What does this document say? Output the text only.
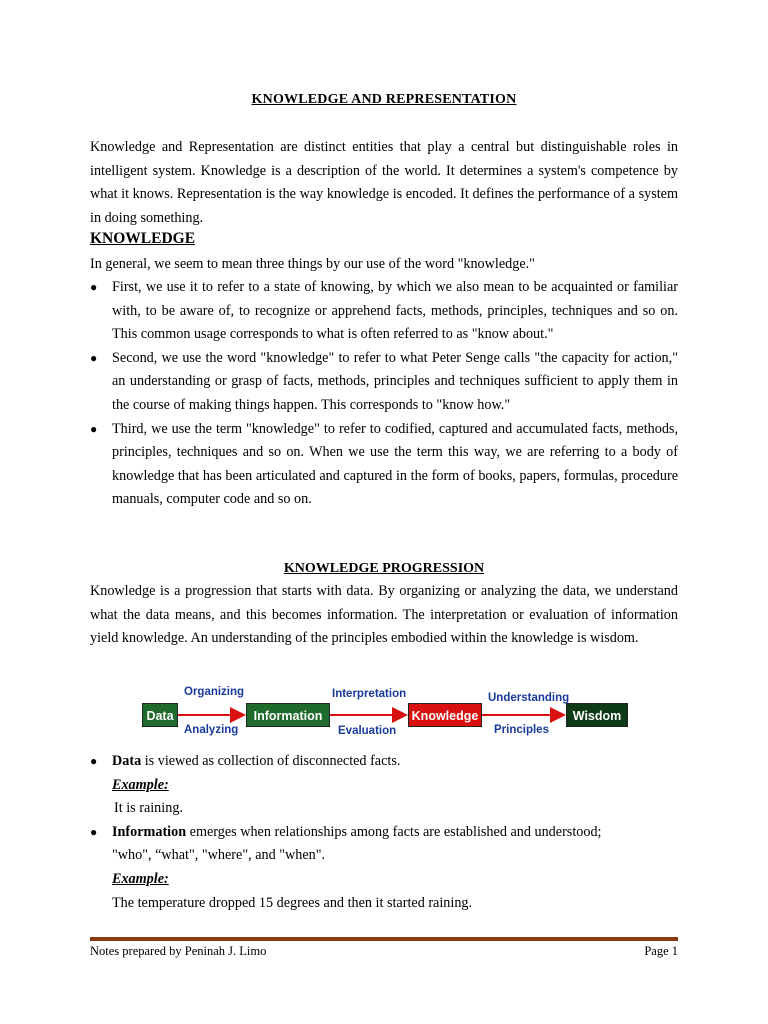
KNOWLEDGE AND REPRESENTATION
Knowledge and Representation are distinct entities that play a central but distinguishable roles in intelligent system. Knowledge is a description of the world. It determines a system's competence by what it knows. Representation is the way knowledge is encoded. It defines the performance of a system in doing something.
KNOWLEDGE
In general, we seem to mean three things by our use of the word "knowledge."
● First, we use it to refer to a state of knowing, by which we also mean to be acquainted or familiar with, to be aware of, to recognize or apprehend facts, methods, principles, techniques and so on. This common usage corresponds to what is often referred to as "know about."
● Second, we use the word "knowledge" to refer to what Peter Senge calls "the capacity for action," an understanding or grasp of facts, methods, principles and techniques sufficient to apply them in the course of making things happen. This corresponds to "know how."
● Third, we use the term "knowledge" to refer to codified, captured and accumulated facts, methods, principles, techniques and so on. When we use the term this way, we are referring to a body of knowledge that has been articulated and captured in the form of books, papers, formulas, procedure manuals, computer code and so on.
KNOWLEDGE PROGRESSION
Knowledge is a progression that starts with data. By organizing or analyzing the data, we understand what the data means, and this becomes information. The interpretation or evaluation of information yield knowledge. An understanding of the principles embodied within the knowledge is wisdom.
Data	Information	Knowledge	Wisdom
Organizing
Analyzing
Interpretation
Evaluation
Understanding
Principles
● Data is viewed as collection of disconnected facts.
Example:
It is raining.
● Information emerges when relationships among facts are established and understood;
"who", “what", "where", and "when".
Example:
The temperature dropped 15 degrees and then it started raining.
Notes prepared by Peninah J. Limo	Page 1
